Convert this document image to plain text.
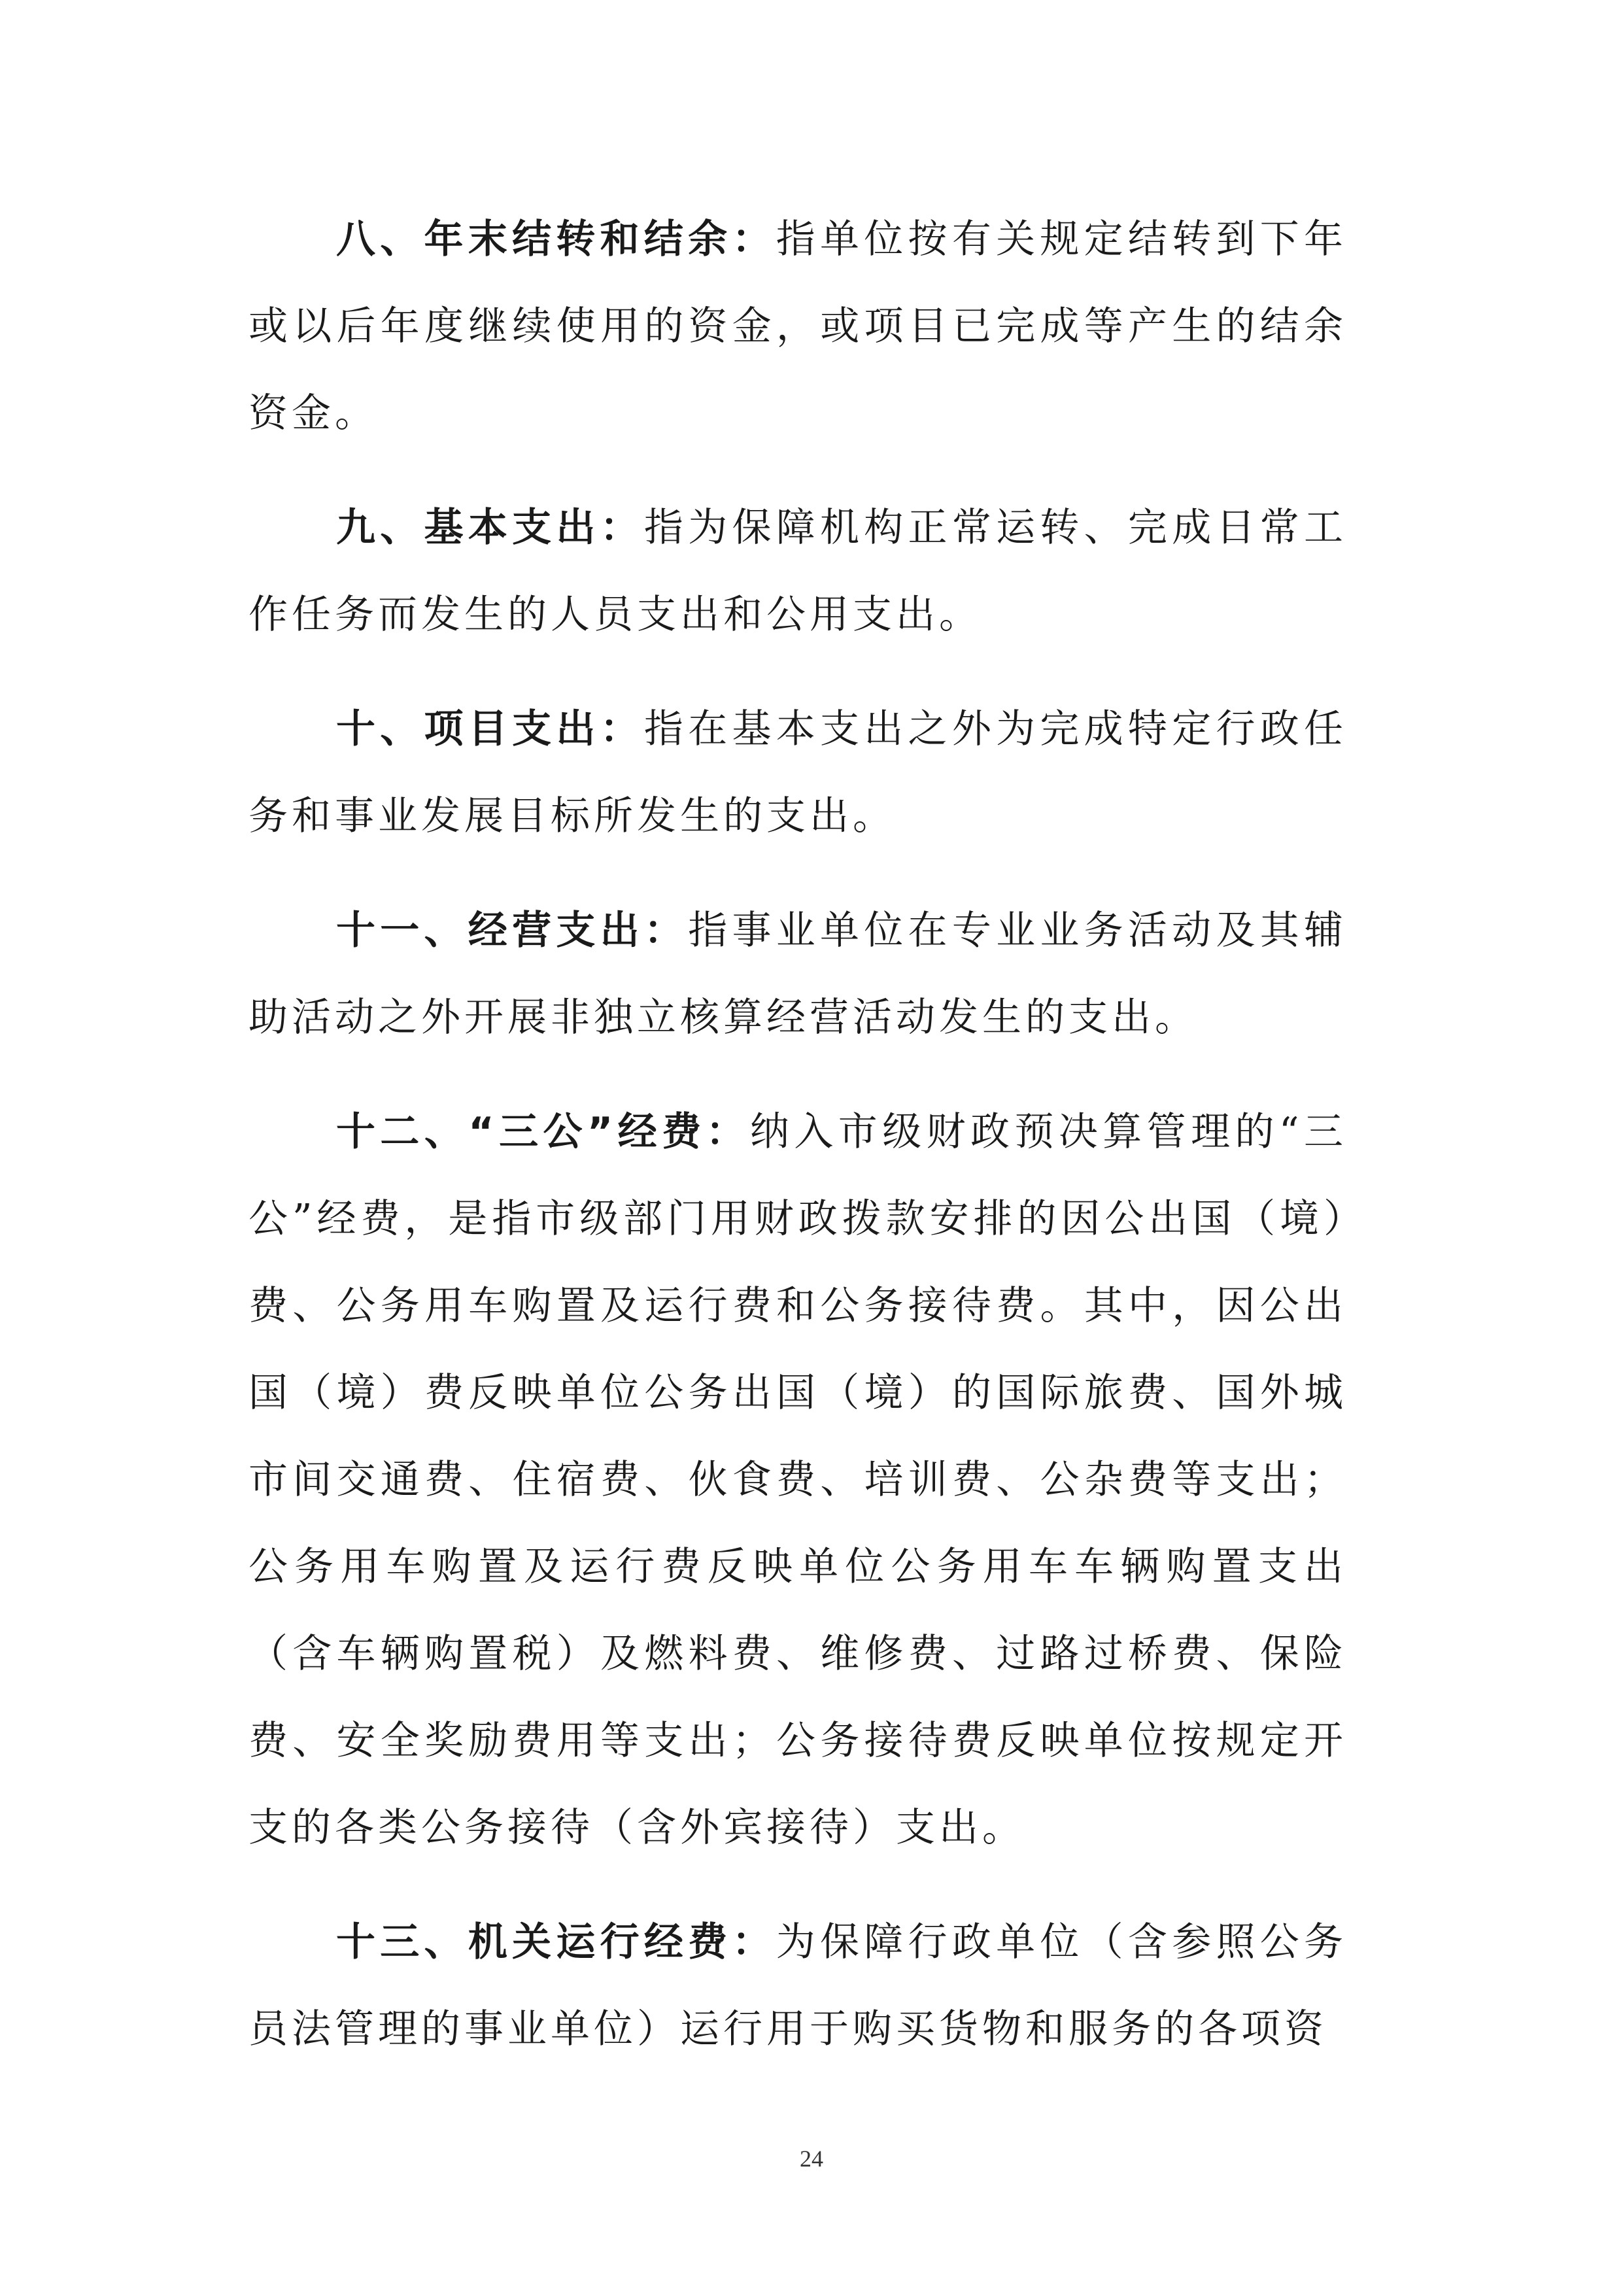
八、年末结转和结余：指单位按有关规定结转到下年或以后年度继续使用的资金，或项目已完成等产生的结余资金。

九、基本支出：指为保障机构正常运转、完成日常工作任务而发生的人员支出和公用支出。

十、项目支出：指在基本支出之外为完成特定行政任务和事业发展目标所发生的支出。

十一、经营支出：指事业单位在专业业务活动及其辅助活动之外开展非独立核算经营活动发生的支出。

十二、“三公”经费：纳入市级财政预决算管理的“三公”经费，是指市级部门用财政拨款安排的因公出国（境）费、公务用车购置及运行费和公务接待费。其中，因公出国（境）费反映单位公务出国（境）的国际旅费、国外城市间交通费、住宿费、伙食费、培训费、公杂费等支出；公务用车购置及运行费反映单位公务用车车辆购置支出（含车辆购置税）及燃料费、维修费、过路过桥费、保险费、安全奖励费用等支出；公务接待费反映单位按规定开支的各类公务接待（含外宾接待）支出。

十三、机关运行经费：为保障行政单位（含参照公务员法管理的事业单位）运行用于购买货物和服务的各项资

24
